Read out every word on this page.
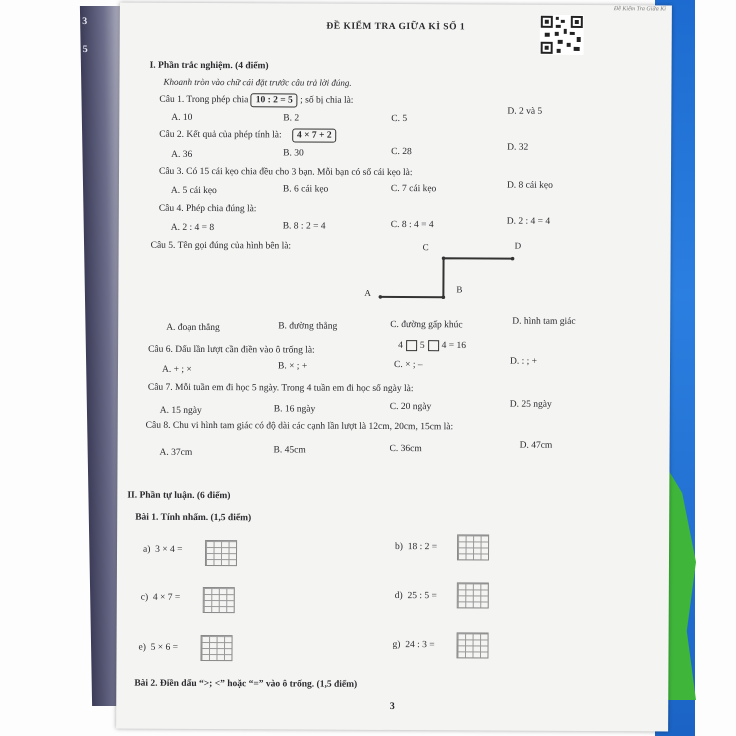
3
5
Đề Kiểm Tra Giữa Kì
ĐỀ KIỂM TRA GIỮA KÌ SỐ 1
I. Phần trắc nghiệm. (4 điểm)
Khoanh tròn vào chữ cái đặt trước câu trả lời đúng.
Câu 1. Trong phép chia 10 : 2 = 5 ; số bị chia là:
A. 10	B. 2	C. 5
D. 2 và 5
Câu 2. Kết quả của phép tính là: 4 × 7 + 2
A. 36	B. 30	C. 28	D. 32
Câu 3. Có 15 cái kẹo chia đều cho 3 bạn. Mỗi bạn có số cái kẹo là:
A. 5 cái kẹo	B. 6 cái kẹo	C. 7 cái kẹo	D. 8 cái kẹo
Câu 4. Phép chia đúng là:
A. 2 : 4 = 8	B. 8 : 2 = 4	C. 8 : 4 = 4	D. 2 : 4 = 4
Câu 5. Tên gọi đúng của hình bên là:	C	D
A	B
A. đoạn thẳng	B. đường thẳng	C. đường gấp khúc	D. hình tam giác
Câu 6. Dấu lần lượt cần điền vào ô trống là:	4 5 4 = 16
A. + ; ×	B. × ; +	C. × ; –	D. : ; +
Câu 7. Mỗi tuần em đi học 5 ngày. Trong 4 tuần em đi học số ngày là:
A. 15 ngày	B. 16 ngày	C. 20 ngày	D. 25 ngày
Câu 8. Chu vi hình tam giác có độ dài các cạnh lần lượt là 12cm, 20cm, 15cm là:
A. 37cm	B. 45cm	C. 36cm	D. 47cm
II. Phần tự luận. (6 điểm)
Bài 1. Tính nhẩm. (1,5 điểm)
a) 3 × 4 =	b) 18 : 2 =
c) 4 × 7 =	d) 25 : 5 =
e) 5 × 6 =	g) 24 : 3 =
Bài 2. Điền dấu “>; <” hoặc “=” vào ô trống. (1,5 điểm)
3
